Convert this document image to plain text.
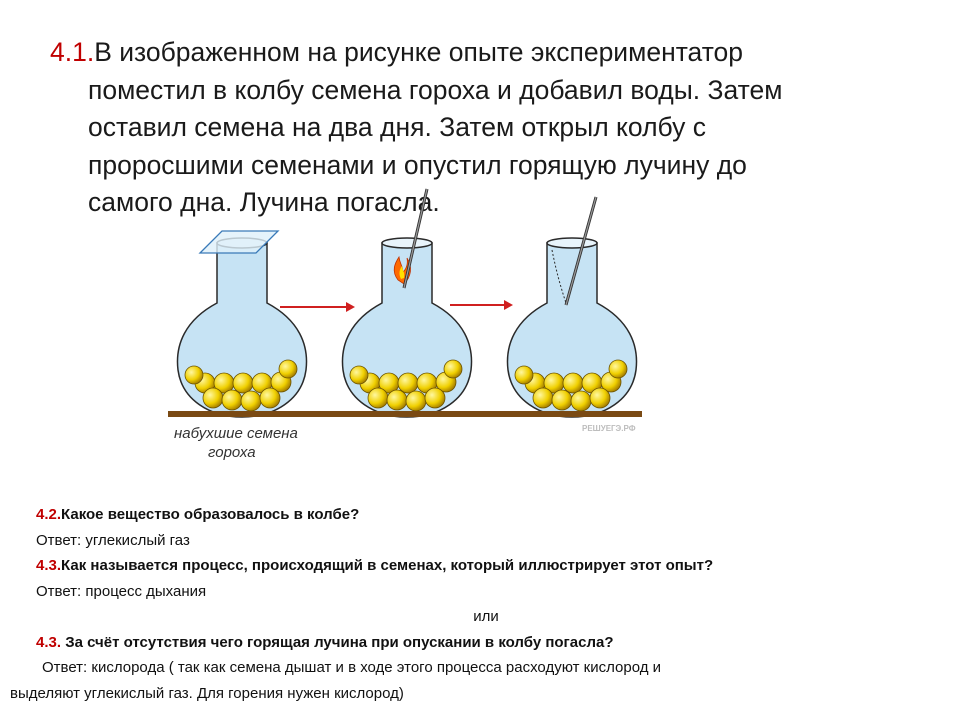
4.1.В изображенном на рисунке опыте экспериментатор
поместил в колбу семена гороха и добавил воды. Затем
оставил семена на два дня. Затем открыл колбу с
проросшими семенами и опустил горящую лучину до
самого дна. Лучина погасла.
набухшие семена
гороха
РЕШУЕГЭ.РФ
4.2.Какое вещество образовалось в колбе?
Ответ: углекислый газ
4.3.Как называется процесс, происходящий в семенах, который иллюстрирует этот опыт?
Ответ: процесс дыхания
или
4.3. За счёт отсутствия чего горящая лучина при опускании в колбу погасла?
Ответ: кислорода ( так как семена дышат и в ходе этого процесса расходуют кислород и
выделяют углекислый газ. Для горения нужен кислород)
